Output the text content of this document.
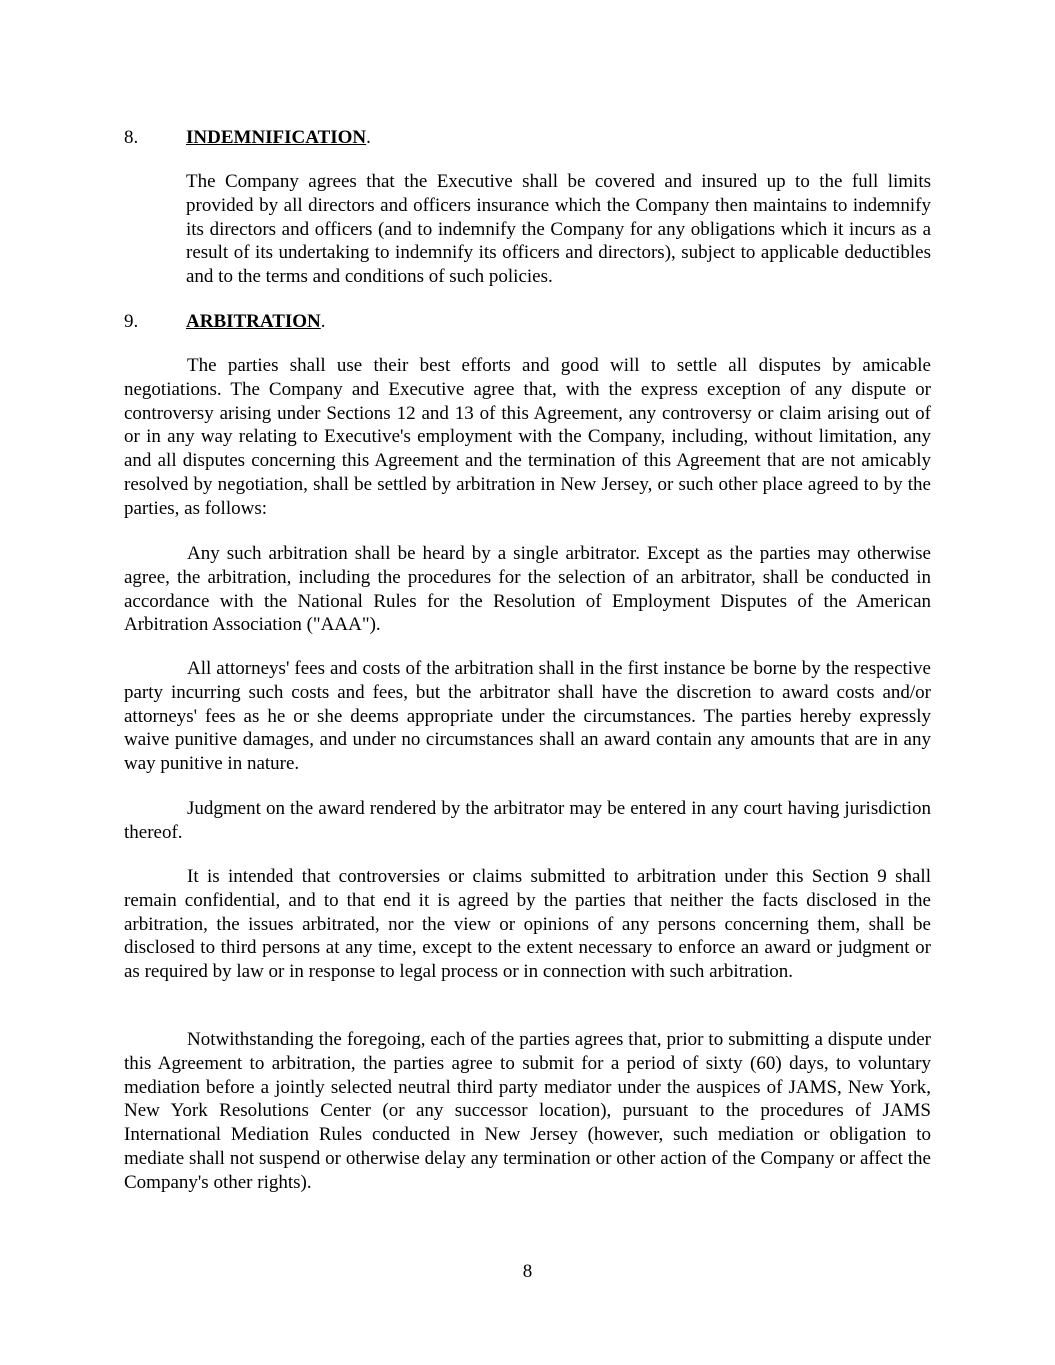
8.	INDEMNIFICATION.

The Company agrees that the Executive shall be covered and insured up to the full limits provided by all directors and officers insurance which the Company then maintains to indemnify its directors and officers (and to indemnify the Company for any obligations which it incurs as a result of its undertaking to indemnify its officers and directors), subject to applicable deductibles and to the terms and conditions of such policies.

9.	ARBITRATION.

The parties shall use their best efforts and good will to settle all disputes by amicable negotiations. The Company and Executive agree that, with the express exception of any dispute or controversy arising under Sections 12 and 13 of this Agreement, any controversy or claim arising out of or in any way relating to Executive's employment with the Company, including, without limitation, any and all disputes concerning this Agreement and the termination of this Agreement that are not amicably resolved by negotiation, shall be settled by arbitration in New Jersey, or such other place agreed to by the parties, as follows:

Any such arbitration shall be heard by a single arbitrator. Except as the parties may otherwise agree, the arbitration, including the procedures for the selection of an arbitrator, shall be conducted in accordance with the National Rules for the Resolution of Employment Disputes of the American Arbitration Association ("AAA").

All attorneys' fees and costs of the arbitration shall in the first instance be borne by the respective party incurring such costs and fees, but the arbitrator shall have the discretion to award costs and/or attorneys' fees as he or she deems appropriate under the circumstances. The parties hereby expressly waive punitive damages, and under no circumstances shall an award contain any amounts that are in any way punitive in nature.

Judgment on the award rendered by the arbitrator may be entered in any court having jurisdiction thereof.

It is intended that controversies or claims submitted to arbitration under this Section 9 shall remain confidential, and to that end it is agreed by the parties that neither the facts disclosed in the arbitration, the issues arbitrated, nor the view or opinions of any persons concerning them, shall be disclosed to third persons at any time, except to the extent necessary to enforce an award or judgment or as required by law or in response to legal process or in connection with such arbitration.

Notwithstanding the foregoing, each of the parties agrees that, prior to submitting a dispute under this Agreement to arbitration, the parties agree to submit for a period of sixty (60) days, to voluntary mediation before a jointly selected neutral third party mediator under the auspices of JAMS, New York, New York Resolutions Center (or any successor location), pursuant to the procedures of JAMS International Mediation Rules conducted in New Jersey (however, such mediation or obligation to mediate shall not suspend or otherwise delay any termination or other action of the Company or affect the Company's other rights).

8
